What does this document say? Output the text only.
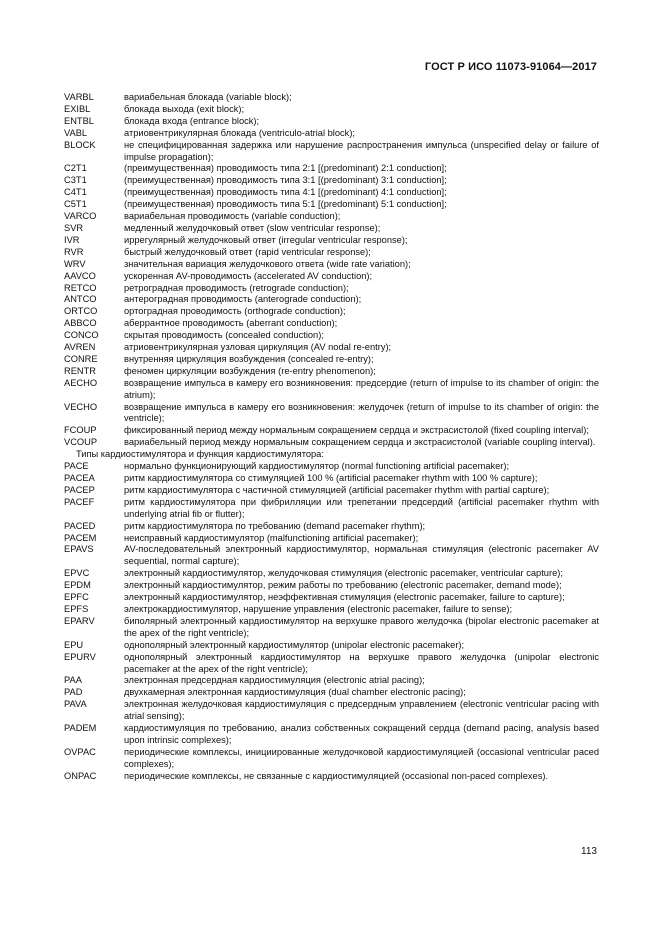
ГОСТ Р ИСО 11073-91064—2017
VARBL	вариабельная блокада (variable block);
EXIBL	блокада выхода (exit block);
ENTBL	блокада входа (entrance block);
VABL	атриовентрикулярная блокада (ventriculo-atrial block);
BLOCK	не специфицированная задержка или нарушение распространения импульса (unspecified delay or failure of impulse propagation);
C2T1	(преимущественная) проводимость типа 2:1 [(predominant) 2:1 conduction];
C3T1	(преимущественная) проводимость типа 3:1 [(predominant) 3:1 conduction];
C4T1	(преимущественная) проводимость типа 4:1 [(predominant) 4:1 conduction];
C5T1	(преимущественная) проводимость типа 5:1 [(predominant) 5:1 conduction];
VARCO	вариабельная проводимость (variable conduction);
SVR	медленный желудочковый ответ (slow ventricular response);
IVR	иррегулярный желудочковый ответ (irregular ventricular response);
RVR	быстрый желудочковый ответ (rapid ventricular response);
WRV	значительная вариация желудочкового ответа (wide rate variation);
AAVCO	ускоренная AV-проводимость (accelerated AV conduction);
RETCO	ретроградная проводимость (retrograde conduction);
ANTCO	антероградная проводимость (anterograde conduction);
ORTCO	ортоградная проводимость (orthograde conduction);
ABBCO	аберрантное проводимость (aberrant conduction);
CONCO	скрытая проводимость (concealed conduction);
AVREN	атриовентрикулярная узловая циркуляция (AV nodal re-entry);
CONRE	внутренняя циркуляция возбуждения (concealed re-entry);
RENTR	феномен циркуляции возбуждения (re-entry phenomenon);
AECHO	возвращение импульса в камеру его возникновения: предсердие (return of impulse to its chamber of origin: the atrium);
VECHO	возвращение импульса в камеру его возникновения: желудочек (return of impulse to its chamber of origin: the ventricle);
FCOUP	фиксированный период между нормальным сокращением сердца и экстрасистолой (fixed coupling interval);
VCOUP	вариабельный период между нормальным сокращением сердца и экстрасистолой (variable coupling interval).
Типы кардиостимулятора и функция кардиостимулятора:
PACE	нормально функционирующий кардиостимулятор (normal functioning artificial pacemaker);
PACEA	ритм кардиостимулятора со стимуляцией 100 % (artificial pacemaker rhythm with 100 % capture);
PACEP	ритм кардиостимулятора с частичной стимуляцией (artificial pacemaker rhythm with partial capture);
PACEF	ритм кардиостимулятора при фибрилляции или трепетании предсердий (artificial pacemaker rhythm with underlying atrial fib or flutter);
PACED	ритм кардиостимулятора по требованию (demand pacemaker rhythm);
PACEM	неисправный кардиостимулятор (malfunctioning artificial pacemaker);
EPAVS	AV-последовательный электронный кардиостимулятор, нормальная стимуляция (electronic pacemaker AV sequential, normal capture);
EPVC	электронный кардиостимулятор, желудочковая стимуляция (electronic pacemaker, ventricular capture);
EPDM	электронный кардиостимулятор, режим работы по требованию (electronic pacemaker, demand mode);
EPFC	электронный кардиостимулятор, неэффективная стимуляция (electronic pacemaker, failure to capture);
EPFS	электрокардиостимулятор, нарушение управления (electronic pacemaker, failure to sense);
EPARV	биполярный электронный кардиостимулятор на верхушке правого желудочка (bipolar electronic pacemaker at the apex of the right ventricle);
EPU	однополярный электронный кардиостимулятор (unipolar electronic pacemaker);
EPURV	однополярный электронный кардиостимулятор на верхушке правого желудочка (unipolar electronic pacemaker at the apex of the right ventricle);
PAA	электронная предсердная кардиостимуляция (electronic atrial pacing);
PAD	двухкамерная электронная кардиостимуляция (dual chamber electronic pacing);
PAVA	электронная желудочковая кардиостимуляция с предсердным управлением (electronic ventricular pacing with atrial sensing);
PADEM	кардиостимуляция по требованию, анализ собственных сокращений сердца (demand pacing, analysis based upon intrinsic complexes);
OVPAC	периодические комплексы, инициированные желудочковой кардиостимуляцией (occasional ventricular paced complexes);
ONPAC	периодические комплексы, не связанные с кардиостимуляцией (occasional non-paced complexes).
113
